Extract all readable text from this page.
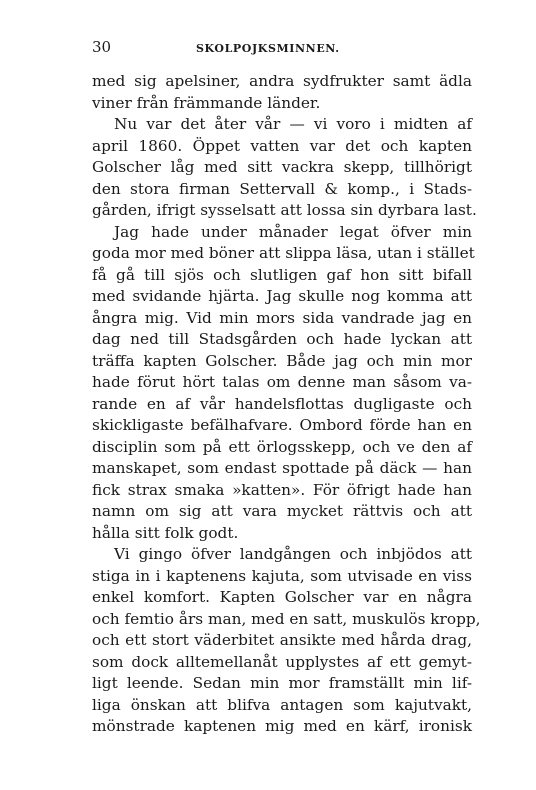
30	SKOLPOJKSMINNEN.
med sig apelsiner, andra sydfrukter samt ädla
viner från främmande länder.
Nu var det åter vår — vi voro i midten af
april 1860. Öppet vatten var det och kapten
Golscher låg med sitt vackra skepp, tillhörigt
den stora firman Settervall & komp., i Stads-
gården, ifrigt sysselsatt att lossa sin dyrbara last.
Jag hade under månader legat öfver min
goda mor med böner att slippa läsa, utan i stället
få gå till sjös och slutligen gaf hon sitt bifall
med svidande hjärta. Jag skulle nog komma att
ångra mig. Vid min mors sida vandrade jag en
dag ned till Stadsgården och hade lyckan att
träffa kapten Golscher. Både jag och min mor
hade förut hört talas om denne man såsom va-
rande en af vår handelsflottas dugligaste och
skickligaste befälhafvare. Ombord förde han en
disciplin som på ett örlogsskepp, och ve den af
manskapet, som endast spottade på däck — han
fick strax smaka »katten». För öfrigt hade han
namn om sig att vara mycket rättvis och att
hålla sitt folk godt.
Vi gingo öfver landgången och inbjödos att
stiga in i kaptenens kajuta, som utvisade en viss
enkel komfort. Kapten Golscher var en några
och femtio års man, med en satt, muskulös kropp,
och ett stort väderbitet ansikte med hårda drag,
som dock alltemellanåt upplystes af ett gemyt-
ligt leende. Sedan min mor framställt min lif-
liga önskan att blifva antagen som kajutvakt,
mönstrade kaptenen mig med en kärf, ironisk
